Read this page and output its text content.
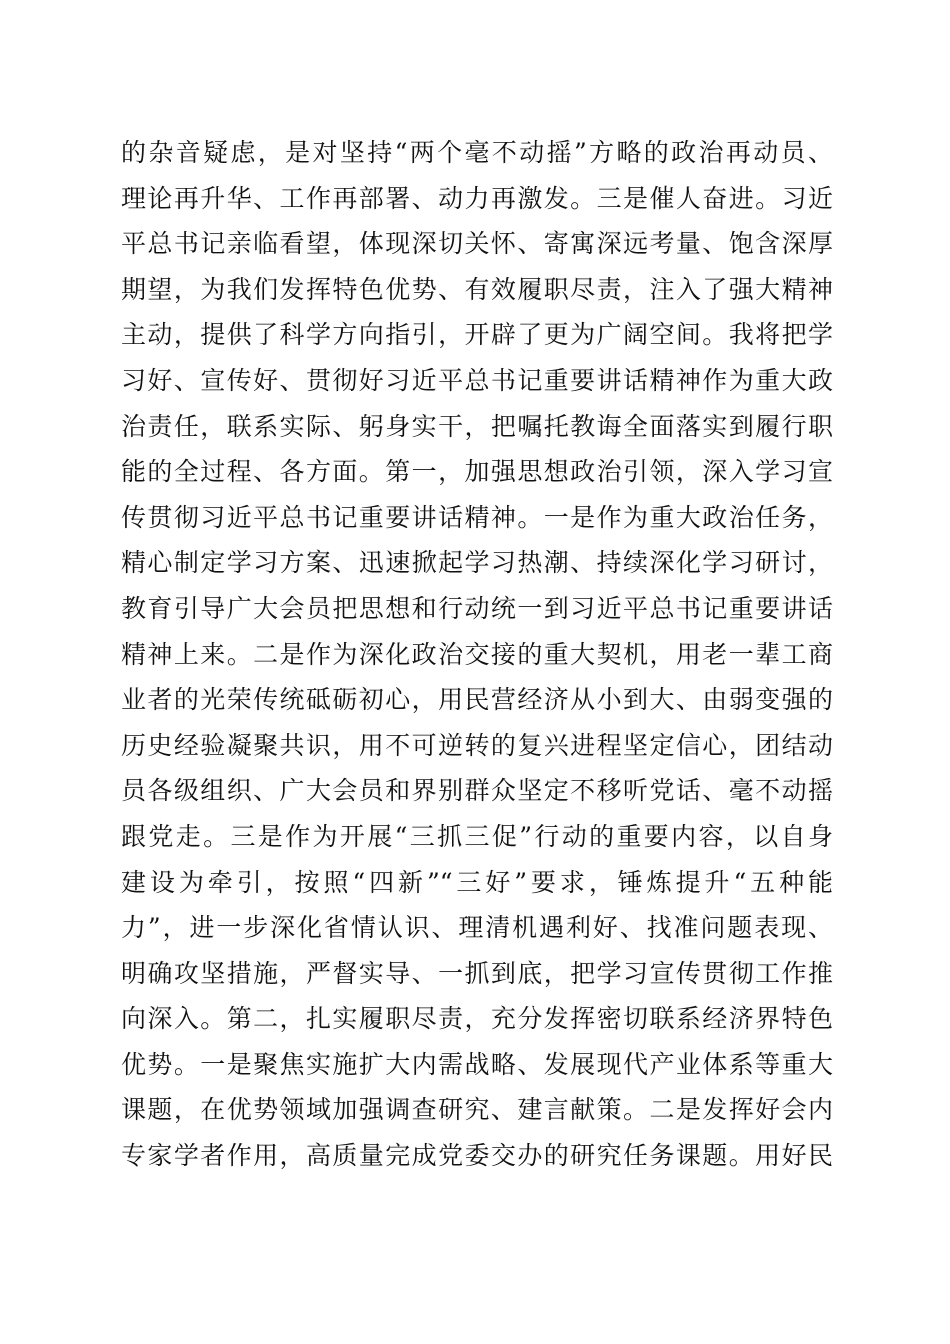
的杂音疑虑，是对坚持“两个毫不动摇”方略的政治再动员、
理论再升华、工作再部署、动力再激发。三是催人奋进。习近
平总书记亲临看望，体现深切关怀、寄寓深远考量、饱含深厚
期望，为我们发挥特色优势、有效履职尽责，注入了强大精神
主动，提供了科学方向指引，开辟了更为广阔空间。我将把学
习好、宣传好、贯彻好习近平总书记重要讲话精神作为重大政
治责任，联系实际、躬身实干，把嘱托教诲全面落实到履行职
能的全过程、各方面。第一，加强思想政治引领，深入学习宣
传贯彻习近平总书记重要讲话精神。一是作为重大政治任务，
精心制定学习方案、迅速掀起学习热潮、持续深化学习研讨，
教育引导广大会员把思想和行动统一到习近平总书记重要讲话
精神上来。二是作为深化政治交接的重大契机，用老一辈工商
业者的光荣传统砥砺初心，用民营经济从小到大、由弱变强的
历史经验凝聚共识，用不可逆转的复兴进程坚定信心，团结动
员各级组织、广大会员和界别群众坚定不移听党话、毫不动摇
跟党走。三是作为开展“三抓三促”行动的重要内容，以自身
建设为牵引，按照“四新”“三好”要求，锤炼提升“五种能
力”，进一步深化省情认识、理清机遇利好、找准问题表现、
明确攻坚措施，严督实导、一抓到底，把学习宣传贯彻工作推
向深入。第二，扎实履职尽责，充分发挥密切联系经济界特色
优势。一是聚焦实施扩大内需战略、发展现代产业体系等重大
课题，在优势领域加强调查研究、建言献策。二是发挥好会内
专家学者作用，高质量完成党委交办的研究任务课题。用好民
